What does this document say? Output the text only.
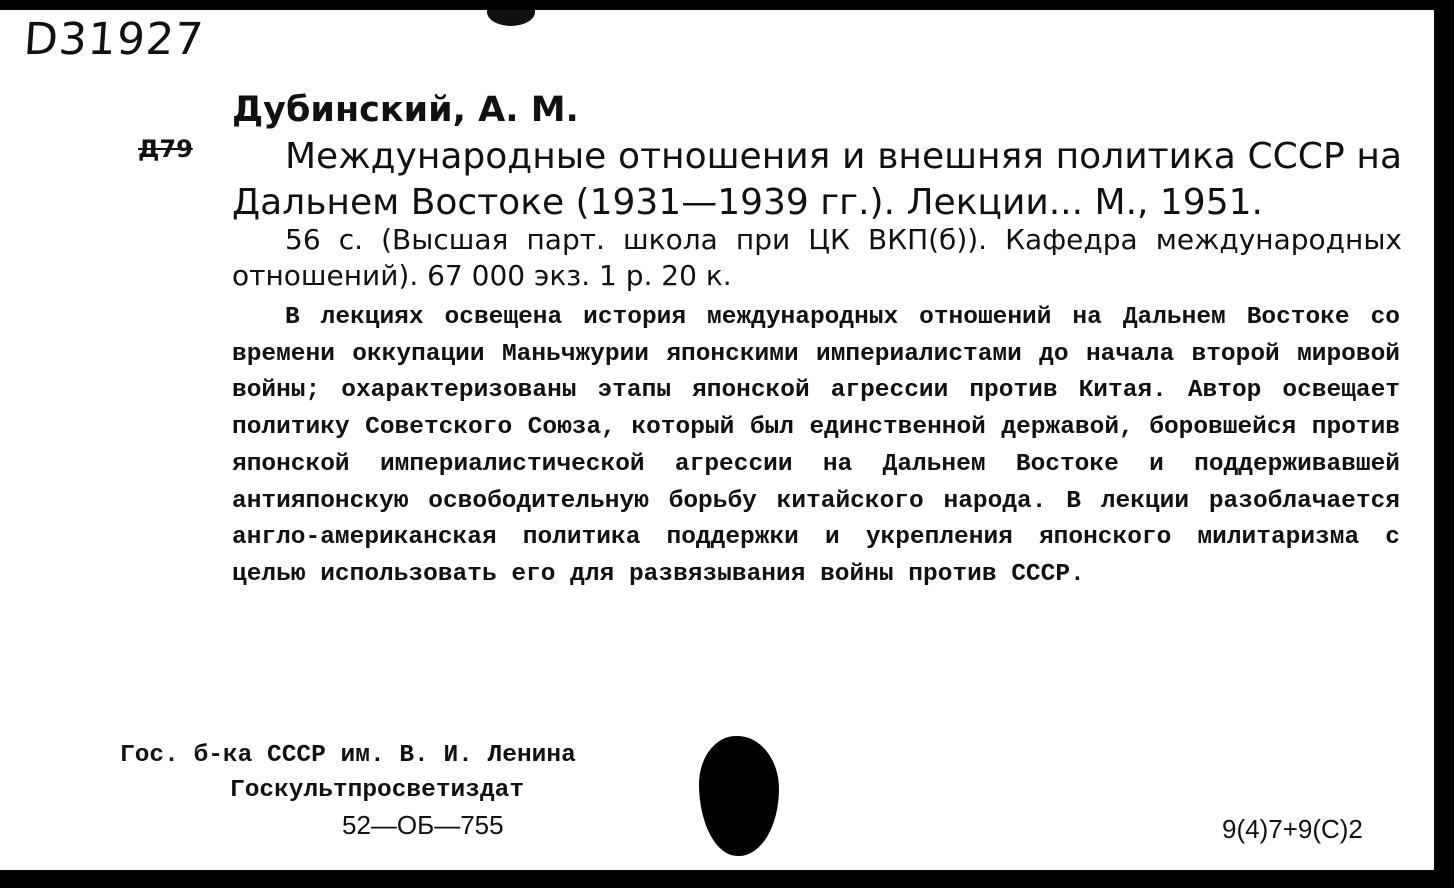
D31927
Дубинский, А. М.
Д79	Международные отношения и внешняя политика СССР на Дальнем Востоке (1931—1939 гг.). Лекции... М., 1951.
56 с. (Высшая парт. школа при ЦК ВКП(б)). Кафедра международных отношений). 67 000 экз. 1 р. 20 к.
В лекциях освещена история международных отношений на Дальнем Востоке со времени оккупации Маньчжурии японскими империалистами до начала второй мировой войны; охарактеризованы этапы японской агрессии против Китая. Автор освещает политику Советского Союза, который был единственной державой, боровшейся против японской империалистической агрессии на Дальнем Востоке и поддерживавшей антияпонскую освободительную борьбу китайского народа. В лекции разоблачается англо-американская политика поддержки и укрепления японского милитаризма с целью использовать его для развязывания войны против СССР.
Гос. б-ка СССР им. В. И. Ленина
Госкультпросветиздат
52—ОБ—755	9(4)7+9(С)2
